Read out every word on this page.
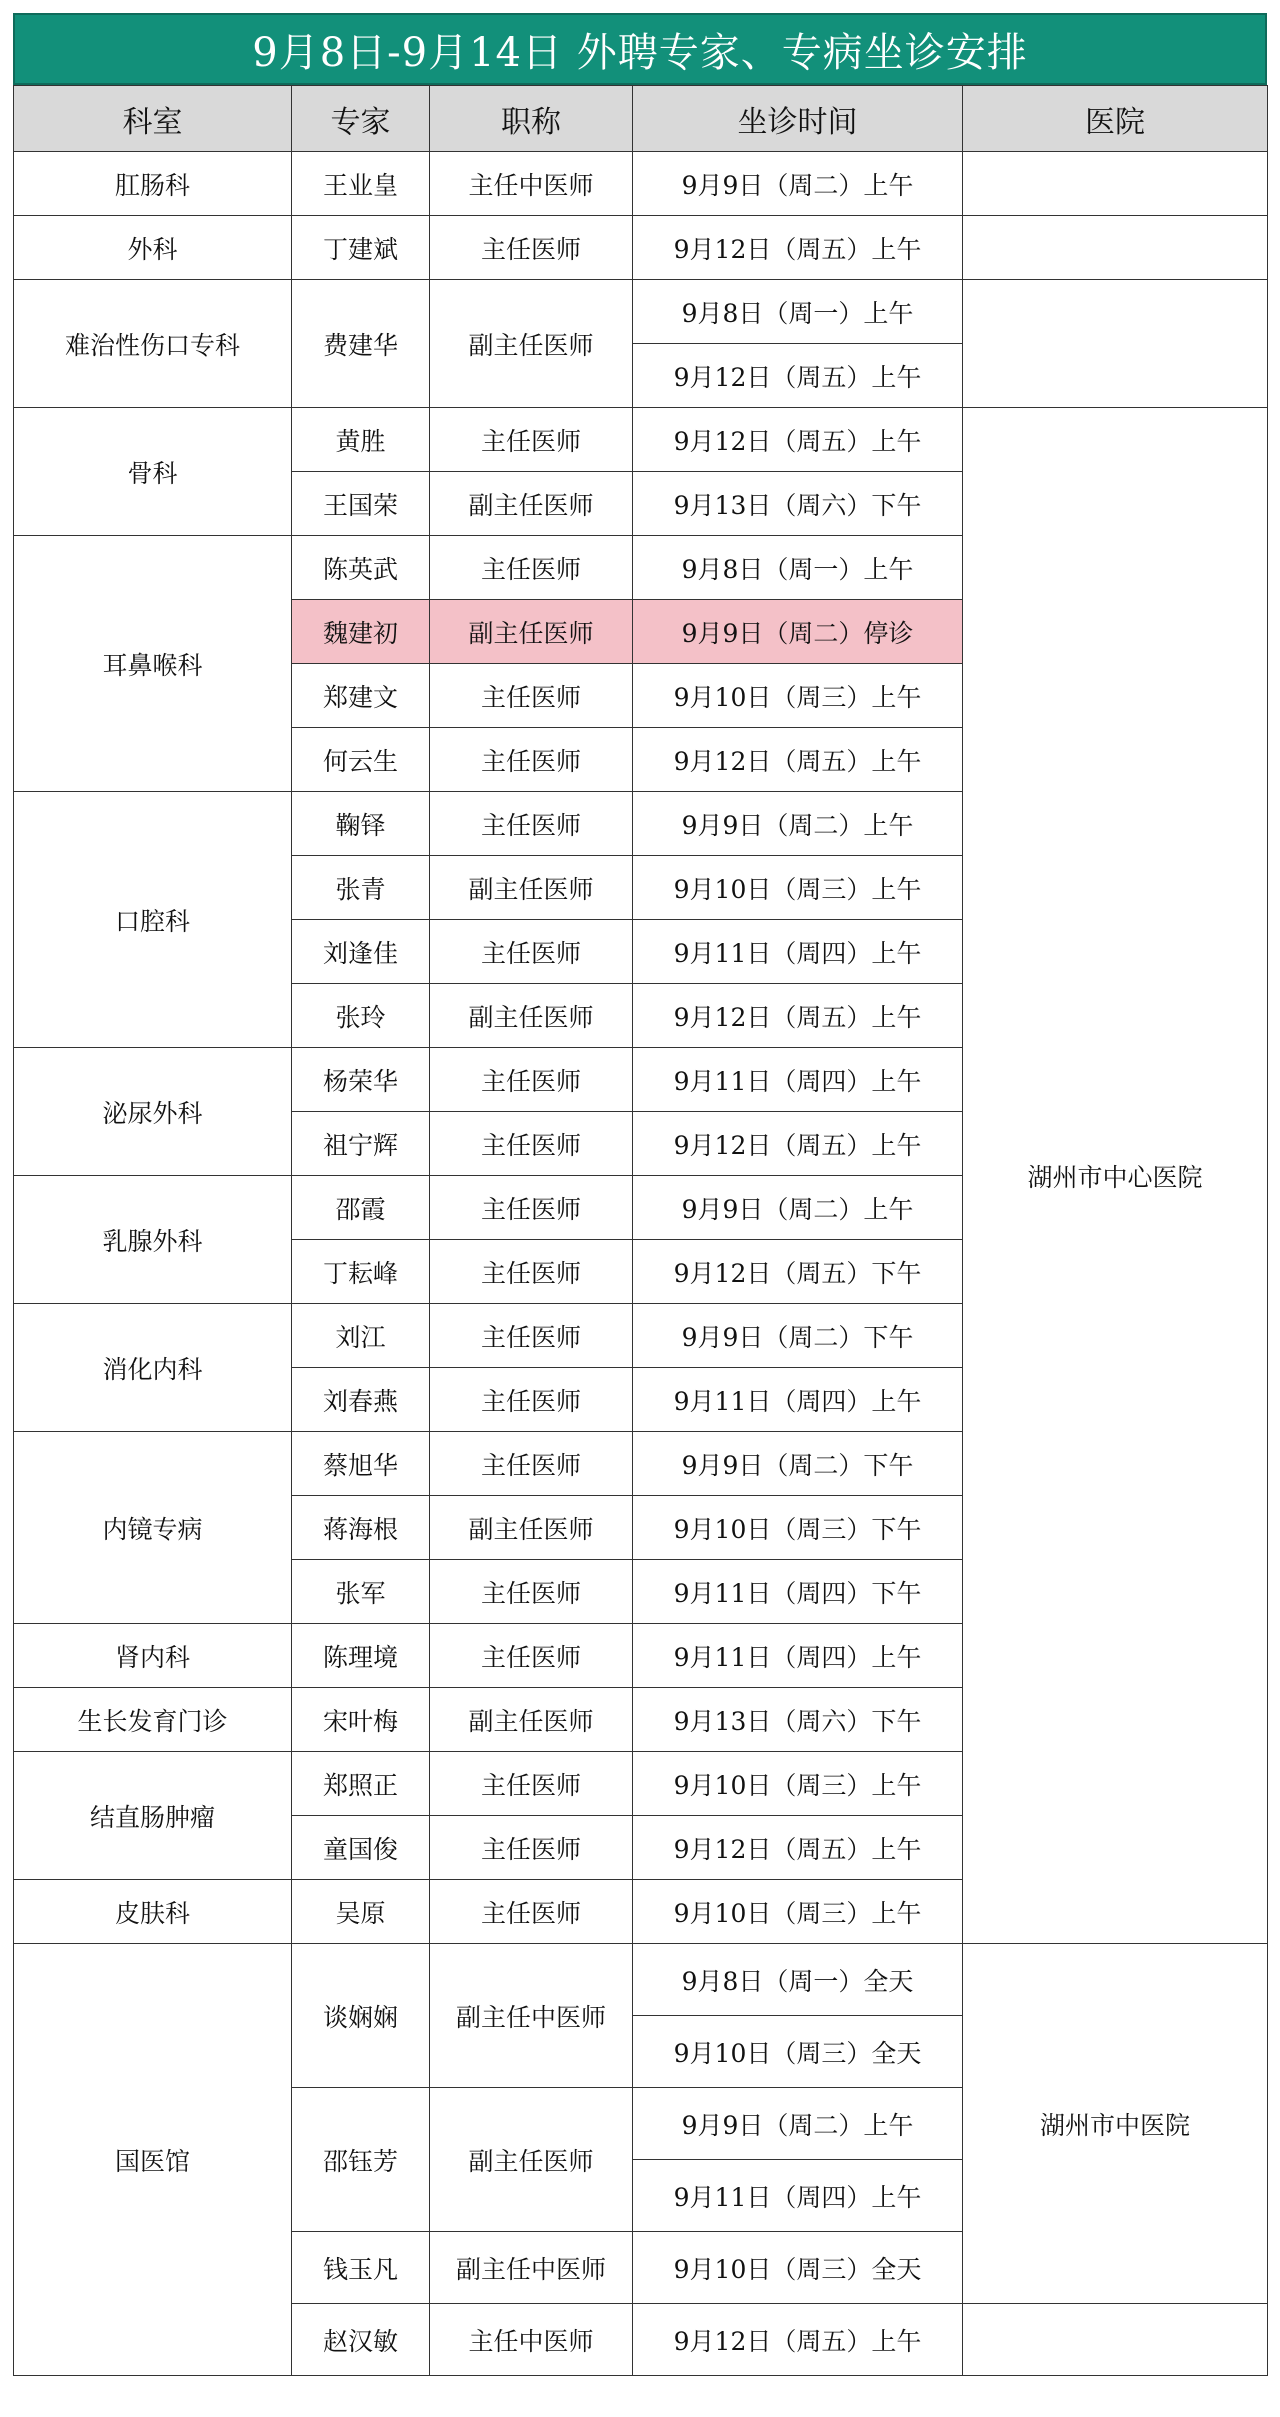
9月8日-9月14日 外聘专家、专病坐诊安排
科室	专家	职称	坐诊时间	医院
肛肠科	王业皇	主任中医师	9月9日（周二）上午	
外科	丁建斌	主任医师	9月12日（周五）上午	
难治性伤口专科	费建华	副主任医师	9月8日（周一）上午	
			9月12日（周五）上午	
骨科	黄胜	主任医师	9月12日（周五）上午	湖州市中心医院
	王国荣	副主任医师	9月13日（周六）下午	
耳鼻喉科	陈英武	主任医师	9月8日（周一）上午	
	魏建初	副主任医师	9月9日（周二）停诊	
	郑建文	主任医师	9月10日（周三）上午	
	何云生	主任医师	9月12日（周五）上午	
口腔科	鞠铎	主任医师	9月9日（周二）上午	
	张青	副主任医师	9月10日（周三）上午	
	刘逢佳	主任医师	9月11日（周四）上午	
	张玲	副主任医师	9月12日（周五）上午	
泌尿外科	杨荣华	主任医师	9月11日（周四）上午	
	祖宁辉	主任医师	9月12日（周五）上午	
乳腺外科	邵霞	主任医师	9月9日（周二）上午	
	丁耘峰	主任医师	9月12日（周五）下午	
消化内科	刘江	主任医师	9月9日（周二）下午	
	刘春燕	主任医师	9月11日（周四）上午	
内镜专病	蔡旭华	主任医师	9月9日（周二）下午	
	蒋海根	副主任医师	9月10日（周三）下午	
	张军	主任医师	9月11日（周四）下午	
肾内科	陈理境	主任医师	9月11日（周四）上午	
生长发育门诊	宋叶梅	副主任医师	9月13日（周六）下午	
结直肠肿瘤	郑照正	主任医师	9月10日（周三）上午	
	童国俊	主任医师	9月12日（周五）上午	
皮肤科	吴原	主任医师	9月10日（周三）上午	
国医馆	谈娴娴	副主任中医师	9月8日（周一）全天	湖州市中医院
			9月10日（周三）全天	
	邵钰芳	副主任医师	9月9日（周二）上午	
			9月11日（周四）上午	
	钱玉凡	副主任中医师	9月10日（周三）全天	
	赵汉敏	主任中医师	9月12日（周五）上午	
